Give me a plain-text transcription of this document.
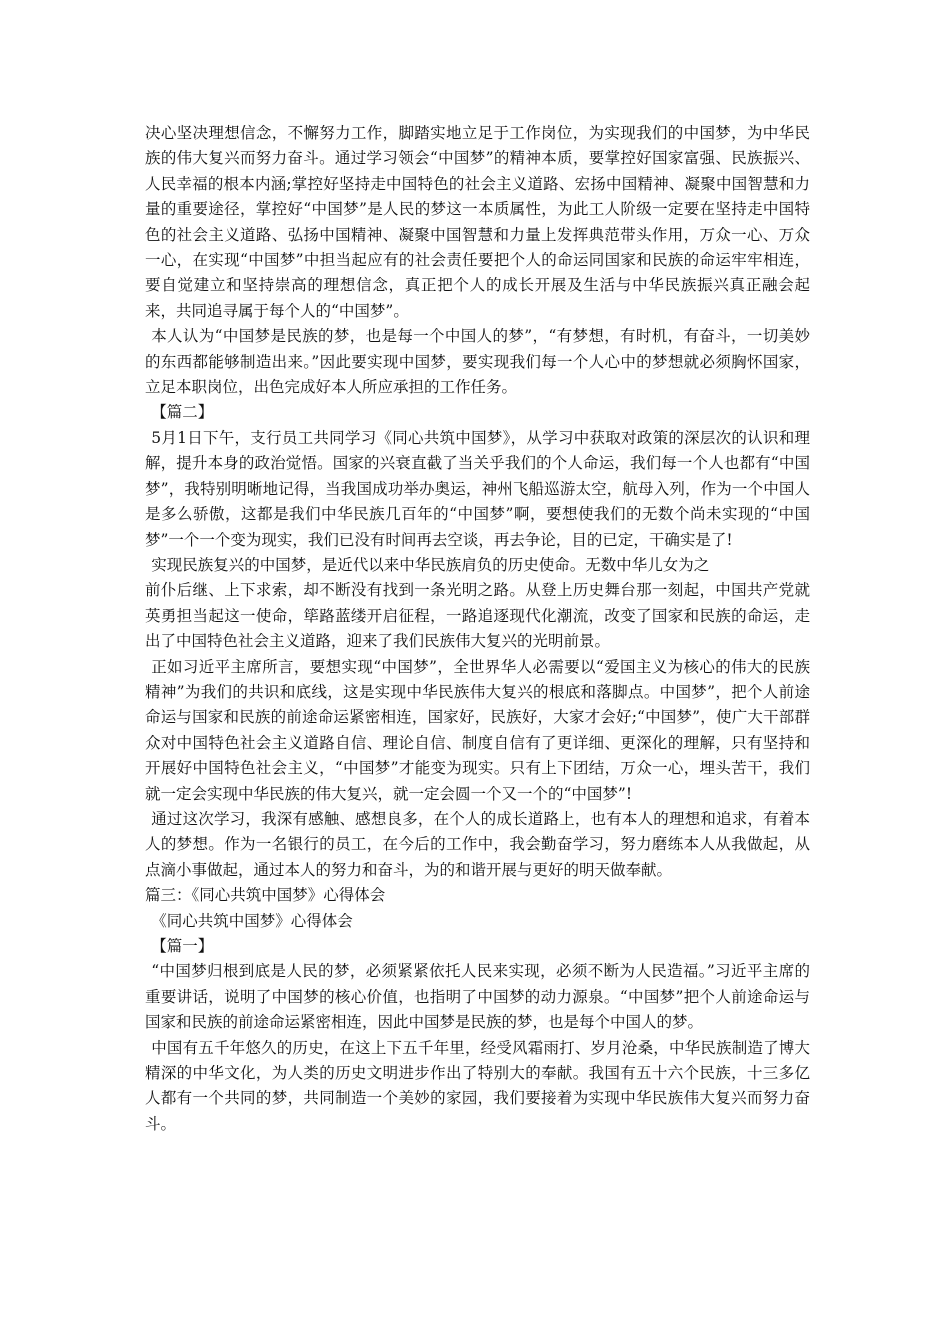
决心坚决理想信念，不懈努力工作，脚踏实地立足于工作岗位，为实现我们的中国梦，为中华民族的伟大复兴而努力奋斗。通过学习领会“中国梦”的精神本质，要掌控好国家富强、民族振兴、人民幸福的根本内涵;掌控好坚持走中国特色的社会主义道路、宏扬中国精神、凝聚中国智慧和力量的重要途径，掌控好“中国梦”是人民的梦这一本质属性，为此工人阶级一定要在坚持走中国特色的社会主义道路、弘扬中国精神、凝聚中国智慧和力量上发挥典范带头作用，万众一心、万众一心，在实现“中国梦”中担当起应有的社会责任要把个人的命运同国家和民族的命运牢牢相连，要自觉建立和坚持崇高的理想信念，真正把个人的成长开展及生活与中华民族振兴真正融会起来，共同追寻属于每个人的“中国梦”。

本人认为“中国梦是民族的梦，也是每一个中国人的梦”，“有梦想，有时机，有奋斗，一切美妙的东西都能够制造出来。”因此要实现中国梦，要实现我们每一个人心中的梦想就必须胸怀国家，立足本职岗位，出色完成好本人所应承担的工作任务。

【篇二】

5月1日下午，支行员工共同学习《同心共筑中国梦》，从学习中获取对政策的深层次的认识和理解，提升本身的政治觉悟。国家的兴衰直截了当关乎我们的个人命运，我们每一个人也都有“中国梦”，我特别明晰地记得，当我国成功举办奥运，神州飞船巡游太空，航母入列，作为一个中国人是多么骄傲，这都是我们中华民族几百年的“中国梦”啊，要想使我们的无数个尚未实现的“中国梦”一个一个变为现实，我们已没有时间再去空谈，再去争论，目的已定，干确实是了!

实现民族复兴的中国梦，是近代以来中华民族肩负的历史使命。无数中华儿女为之

前仆后继、上下求索，却不断没有找到一条光明之路。从登上历史舞台那一刻起，中国共产党就英勇担当起这一使命，筚路蓝缕开启征程，一路追逐现代化潮流，改变了国家和民族的命运，走出了中国特色社会主义道路，迎来了我们民族伟大复兴的光明前景。

正如习近平主席所言，要想实现“中国梦”，全世界华人必需要以“爱国主义为核心的伟大的民族精神”为我们的共识和底线，这是实现中华民族伟大复兴的根底和落脚点。中国梦”，把个人前途命运与国家和民族的前途命运紧密相连，国家好，民族好，大家才会好;“中国梦”，使广大干部群众对中国特色社会主义道路自信、理论自信、制度自信有了更详细、更深化的理解，只有坚持和开展好中国特色社会主义，“中国梦”才能变为现实。只有上下团结，万众一心，埋头苦干，我们就一定会实现中华民族的伟大复兴，就一定会圆一个又一个的“中国梦”!

通过这次学习，我深有感触、感想良多，在个人的成长道路上，也有本人的理想和追求，有着本人的梦想。作为一名银行的员工，在今后的工作中，我会勤奋学习，努力磨练本人从我做起，从点滴小事做起，通过本人的努力和奋斗，为的和谐开展与更好的明天做奉献。

篇三：《同心共筑中国梦》心得体会

《同心共筑中国梦》心得体会

【篇一】

“中国梦归根到底是人民的梦，必须紧紧依托人民来实现，必须不断为人民造福。”习近平主席的重要讲话，说明了中国梦的核心价值，也指明了中国梦的动力源泉。“中国梦”把个人前途命运与国家和民族的前途命运紧密相连，因此中国梦是民族的梦，也是每个中国人的梦。

中国有五千年悠久的历史，在这上下五千年里，经受风霜雨打、岁月沧桑，中华民族制造了博大精深的中华文化，为人类的历史文明进步作出了特别大的奉献。我国有五十六个民族，十三多亿人都有一个共同的梦，共同制造一个美妙的家园，我们要接着为实现中华民族伟大复兴而努力奋斗。
